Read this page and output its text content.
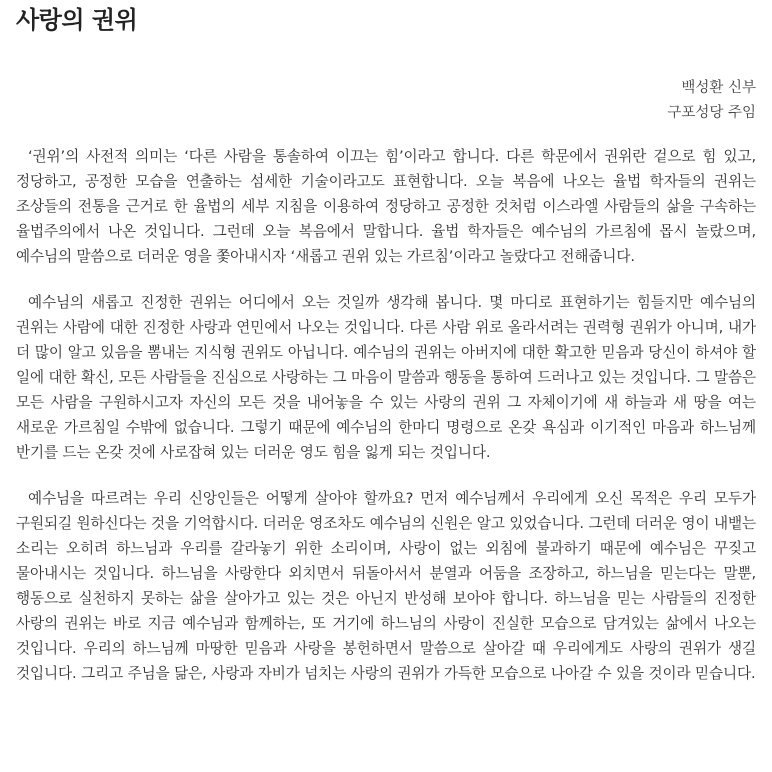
사랑의 권위
백성환 신부
구포성당 주임

‘권위’의 사전적 의미는 ‘다른 사람을 통솔하여 이끄는 힘’이라고 합니다. 다른 학문에서 권위란 겉으로 힘 있고, 정당하고, 공정한 모습을 연출하는 섬세한 기술이라고도 표현합니다. 오늘 복음에 나오는 율법 학자들의 권위는 조상들의 전통을 근거로 한 율법의 세부 지침을 이용하여 정당하고 공정한 것처럼 이스라엘 사람들의 삶을 구속하는 율법주의에서 나온 것입니다. 그런데 오늘 복음에서 말합니다. 율법 학자들은 예수님의 가르침에 몹시 놀랐으며, 예수님의 말씀으로 더러운 영을 쫓아내시자 ‘새롭고 권위 있는 가르침’이라고 놀랐다고 전해줍니다.

예수님의 새롭고 진정한 권위는 어디에서 오는 것일까 생각해 봅니다. 몇 마디로 표현하기는 힘들지만 예수님의 권위는 사람에 대한 진정한 사랑과 연민에서 나오는 것입니다. 다른 사람 위로 올라서려는 권력형 권위가 아니며, 내가 더 많이 알고 있음을 뽐내는 지식형 권위도 아닙니다. 예수님의 권위는 아버지에 대한 확고한 믿음과 당신이 하셔야 할 일에 대한 확신, 모든 사람들을 진심으로 사랑하는 그 마음이 말씀과 행동을 통하여 드러나고 있는 것입니다. 그 말씀은 모든 사람을 구원하시고자 자신의 모든 것을 내어놓을 수 있는 사랑의 권위 그 자체이기에 새 하늘과 새 땅을 여는 새로운 가르침일 수밖에 없습니다. 그렇기 때문에 예수님의 한마디 명령으로 온갖 욕심과 이기적인 마음과 하느님께 반기를 드는 온갖 것에 사로잡혀 있는 더러운 영도 힘을 잃게 되는 것입니다.

예수님을 따르려는 우리 신앙인들은 어떻게 살아야 할까요? 먼저 예수님께서 우리에게 오신 목적은 우리 모두가 구원되길 원하신다는 것을 기억합시다. 더러운 영조차도 예수님의 신원은 알고 있었습니다. 그런데 더러운 영이 내뱉는 소리는 오히려 하느님과 우리를 갈라놓기 위한 소리이며, 사랑이 없는 외침에 불과하기 때문에 예수님은 꾸짖고 물아내시는 것입니다. 하느님을 사랑한다 외치면서 뒤돌아서서 분열과 어둠을 조장하고, 하느님을 믿는다는 말뿐, 행동으로 실천하지 못하는 삶을 살아가고 있는 것은 아닌지 반성해 보아야 합니다. 하느님을 믿는 사람들의 진정한 사랑의 권위는 바로 지금 예수님과 함께하는, 또 거기에 하느님의 사랑이 진실한 모습으로 담겨있는 삶에서 나오는 것입니다. 우리의 하느님께 마땅한 믿음과 사랑을 봉헌하면서 말씀으로 살아갈 때 우리에게도 사랑의 권위가 생길 것입니다. 그리고 주님을 닮은, 사랑과 자비가 넘치는 사랑의 권위가 가득한 모습으로 나아갈 수 있을 것이라 믿습니다.
